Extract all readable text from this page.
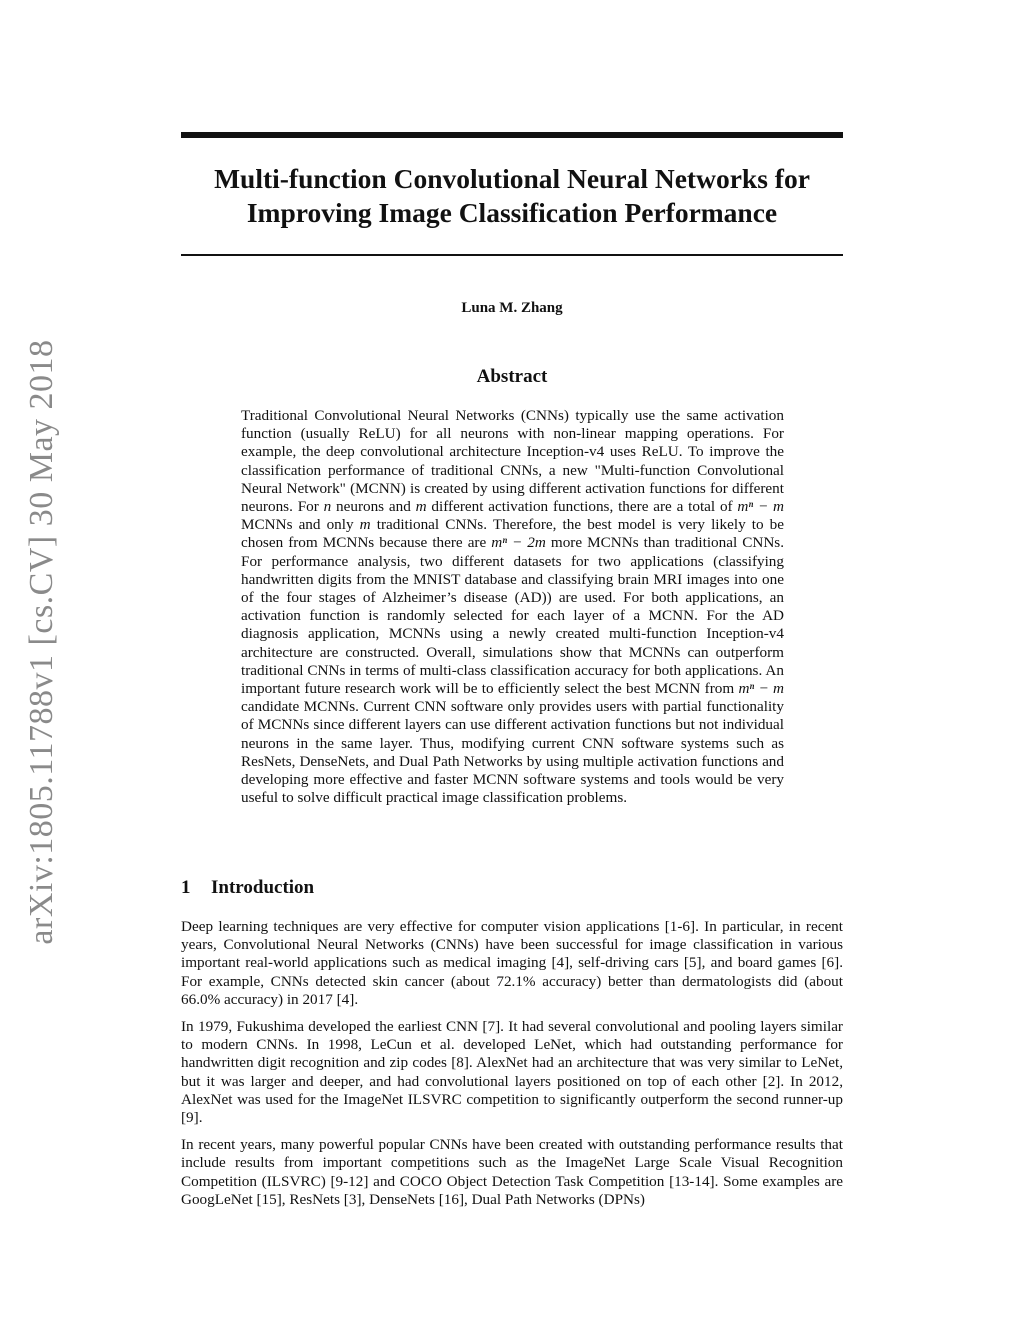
arXiv:1805.11788v1 [cs.CV] 30 May 2018
Multi-function Convolutional Neural Networks for
Improving Image Classification Performance

Luna M. Zhang

Abstract

Traditional Convolutional Neural Networks (CNNs) typically use the same activation function (usually ReLU) for all neurons with non-linear mapping operations. For example, the deep convolutional architecture Inception-v4 uses ReLU. To improve the classification performance of traditional CNNs, a new "Multi-function Convolutional Neural Network" (MCNN) is created by using different activation functions for different neurons. For n neurons and m different activation functions, there are a total of mⁿ − m MCNNs and only m traditional CNNs. Therefore, the best model is very likely to be chosen from MCNNs because there are mⁿ − 2m more MCNNs than traditional CNNs. For performance analysis, two different datasets for two applications (classifying handwritten digits from the MNIST database and classifying brain MRI images into one of the four stages of Alzheimer’s disease (AD)) are used. For both applications, an activation function is randomly selected for each layer of a MCNN. For the AD diagnosis application, MCNNs using a newly created multi-function Inception-v4 architecture are constructed. Overall, simulations show that MCNNs can outperform traditional CNNs in terms of multi-class classification accuracy for both applications. An important future research work will be to efficiently select the best MCNN from mⁿ − m candidate MCNNs. Current CNN software only provides users with partial functionality of MCNNs since different layers can use different activation functions but not individual neurons in the same layer. Thus, modifying current CNN software systems such as ResNets, DenseNets, and Dual Path Networks by using multiple activation functions and developing more effective and faster MCNN software systems and tools would be very useful to solve difficult practical image classification problems.

1 Introduction

Deep learning techniques are very effective for computer vision applications [1-6]. In particular, in recent years, Convolutional Neural Networks (CNNs) have been successful for image classification in various important real-world applications such as medical imaging [4], self-driving cars [5], and board games [6]. For example, CNNs detected skin cancer (about 72.1% accuracy) better than dermatologists did (about 66.0% accuracy) in 2017 [4].

In 1979, Fukushima developed the earliest CNN [7]. It had several convolutional and pooling layers similar to modern CNNs. In 1998, LeCun et al. developed LeNet, which had outstanding performance for handwritten digit recognition and zip codes [8]. AlexNet had an architecture that was very similar to LeNet, but it was larger and deeper, and had convolutional layers positioned on top of each other [2]. In 2012, AlexNet was used for the ImageNet ILSVRC competition to significantly outperform the second runner-up [9].

In recent years, many powerful popular CNNs have been created with outstanding performance results that include results from important competitions such as the ImageNet Large Scale Visual Recognition Competition (ILSVRC) [9-12] and COCO Object Detection Task Competition [13-14]. Some examples are GoogLeNet [15], ResNets [3], DenseNets [16], Dual Path Networks (DPNs)
